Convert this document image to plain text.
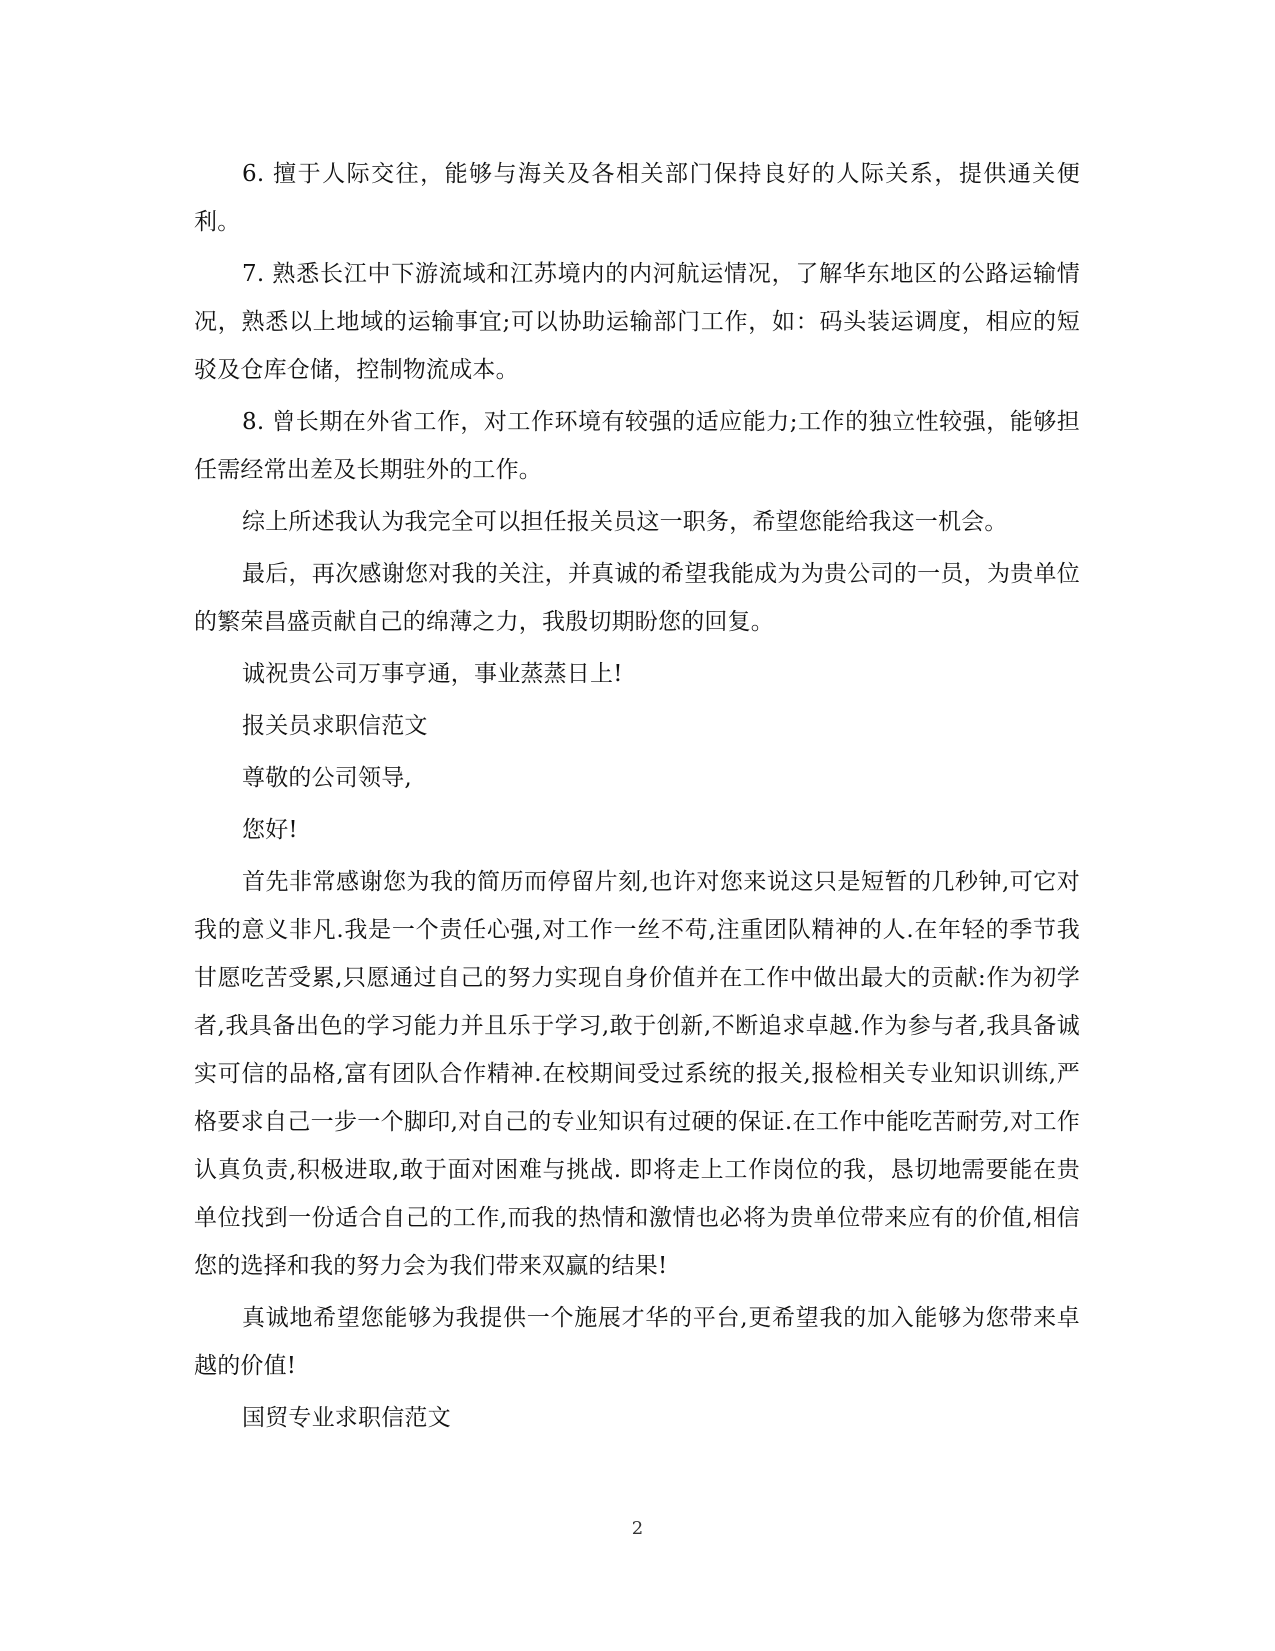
6. 擅于人际交往，能够与海关及各相关部门保持良好的人际关系，提供通关便利。

7. 熟悉长江中下游流域和江苏境内的内河航运情况，了解华东地区的公路运输情况，熟悉以上地域的运输事宜;可以协助运输部门工作，如：码头装运调度，相应的短驳及仓库仓储，控制物流成本。

8. 曾长期在外省工作，对工作环境有较强的适应能力;工作的独立性较强，能够担任需经常出差及长期驻外的工作。

综上所述我认为我完全可以担任报关员这一职务，希望您能给我这一机会。

最后，再次感谢您对我的关注，并真诚的希望我能成为为贵公司的一员，为贵单位的繁荣昌盛贡献自己的绵薄之力，我殷切期盼您的回复。

诚祝贵公司万事亨通，事业蒸蒸日上!

报关员求职信范文

尊敬的公司领导,

您好!

首先非常感谢您为我的简历而停留片刻,也许对您来说这只是短暂的几秒钟,可它对我的意义非凡.我是一个责任心强,对工作一丝不苟,注重团队精神的人.在年轻的季节我甘愿吃苦受累,只愿通过自己的努力实现自身价值并在工作中做出最大的贡献:作为初学者,我具备出色的学习能力并且乐于学习,敢于创新,不断追求卓越.作为参与者,我具备诚实可信的品格,富有团队合作精神.在校期间受过系统的报关,报检相关专业知识训练,严格要求自己一步一个脚印,对自己的专业知识有过硬的保证.在工作中能吃苦耐劳,对工作认真负责,积极进取,敢于面对困难与挑战. 即将走上工作岗位的我，恳切地需要能在贵单位找到一份适合自己的工作,而我的热情和激情也必将为贵单位带来应有的价值,相信您的选择和我的努力会为我们带来双赢的结果!

真诚地希望您能够为我提供一个施展才华的平台,更希望我的加入能够为您带来卓越的价值!

国贸专业求职信范文

2
